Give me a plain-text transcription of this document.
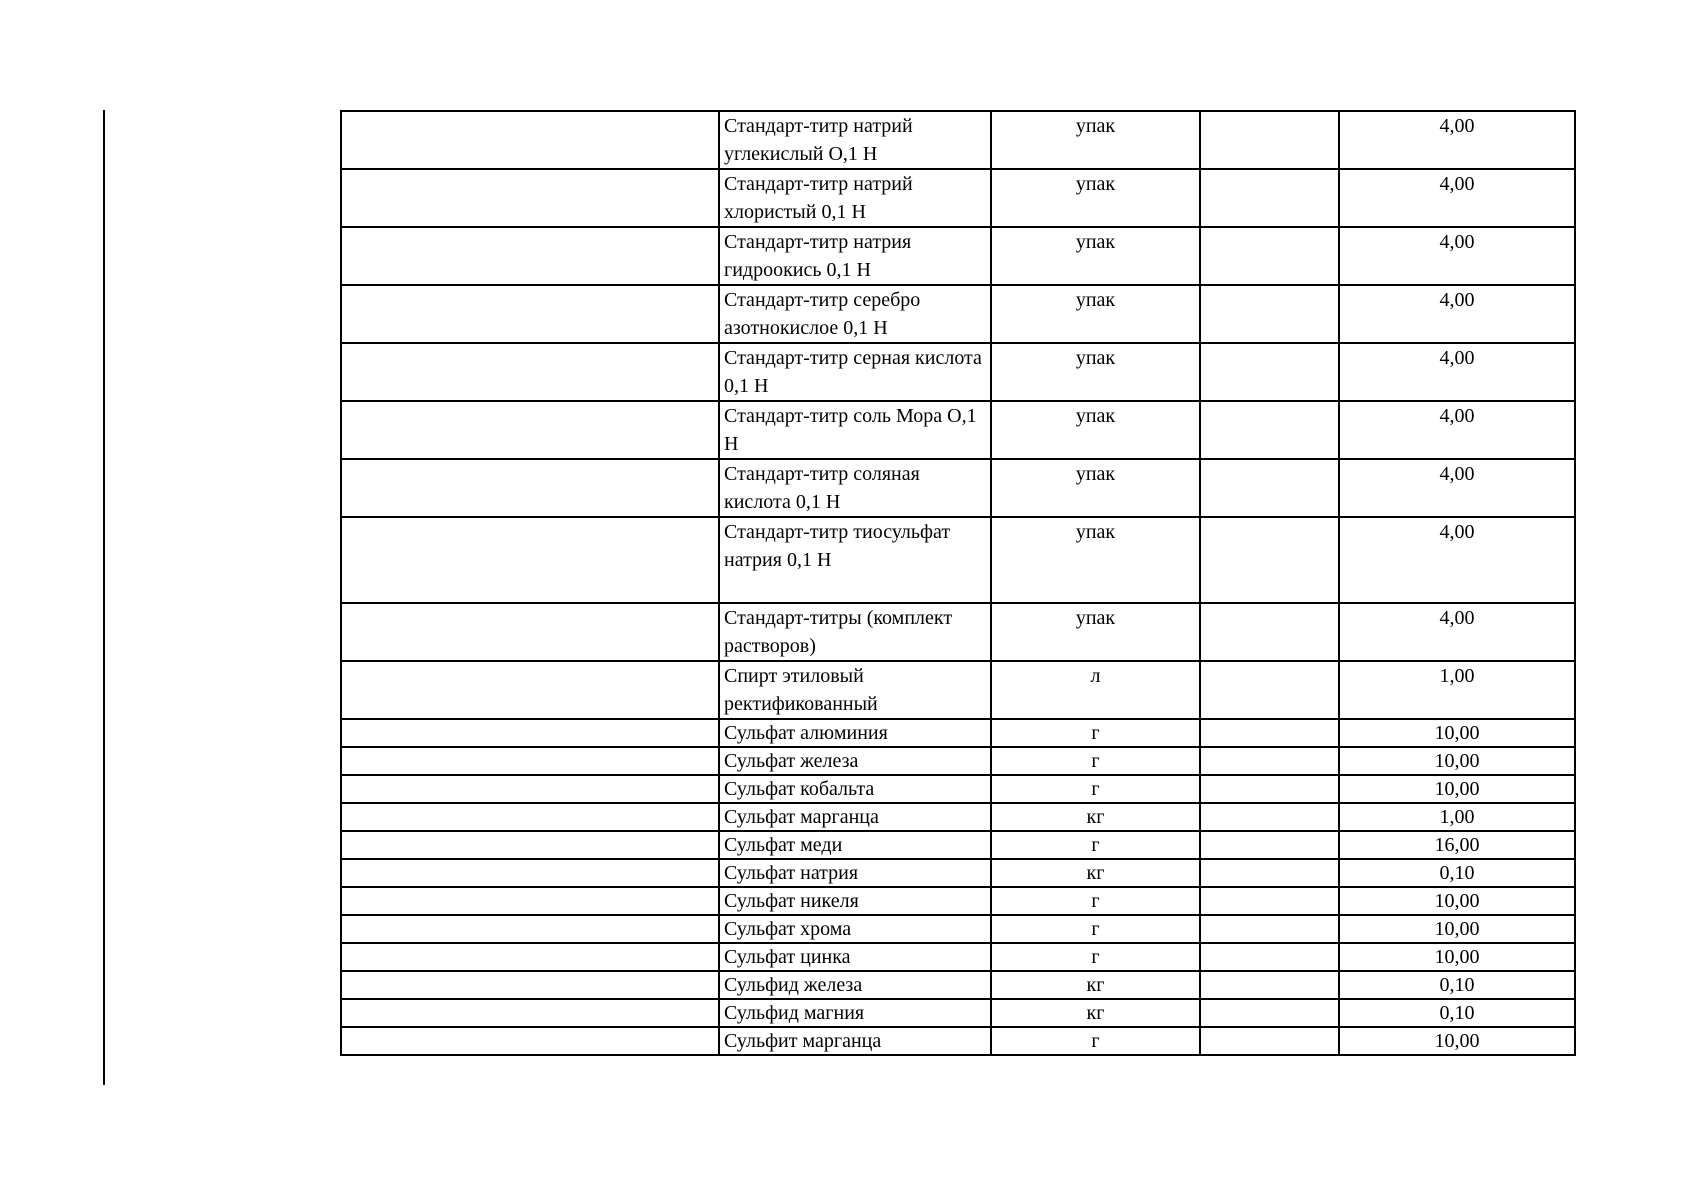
	Стандарт-титр натрий углекислый О,1 Н	упак		4,00
	Стандарт-титр натрий хлористый 0,1 Н	упак		4,00
	Стандарт-титр натрия гидроокись 0,1 Н	упак		4,00
	Стандарт-титр серебро азотнокислое 0,1 Н	упак		4,00
	Стандарт-титр серная кислота 0,1 Н	упак		4,00
	Стандарт-титр соль Мора О,1 Н	упак		4,00
	Стандарт-титр соляная кислота 0,1 Н	упак		4,00
	Стандарт-титр тиосульфат натрия 0,1 Н	упак		4,00
	Стандарт-титры (комплект растворов)	упак		4,00
	Спирт этиловый ректификованный	л		1,00
	Сульфат алюминия	г		10,00
	Сульфат железа	г		10,00
	Сульфат кобальта	г		10,00
	Сульфат марганца	кг		1,00
	Сульфат меди	г		16,00
	Сульфат натрия	кг		0,10
	Сульфат никеля	г		10,00
	Сульфат хрома	г		10,00
	Сульфат цинка	г		10,00
	Сульфид железа	кг		0,10
	Сульфид магния	кг		0,10
	Сульфит марганца	г		10,00
